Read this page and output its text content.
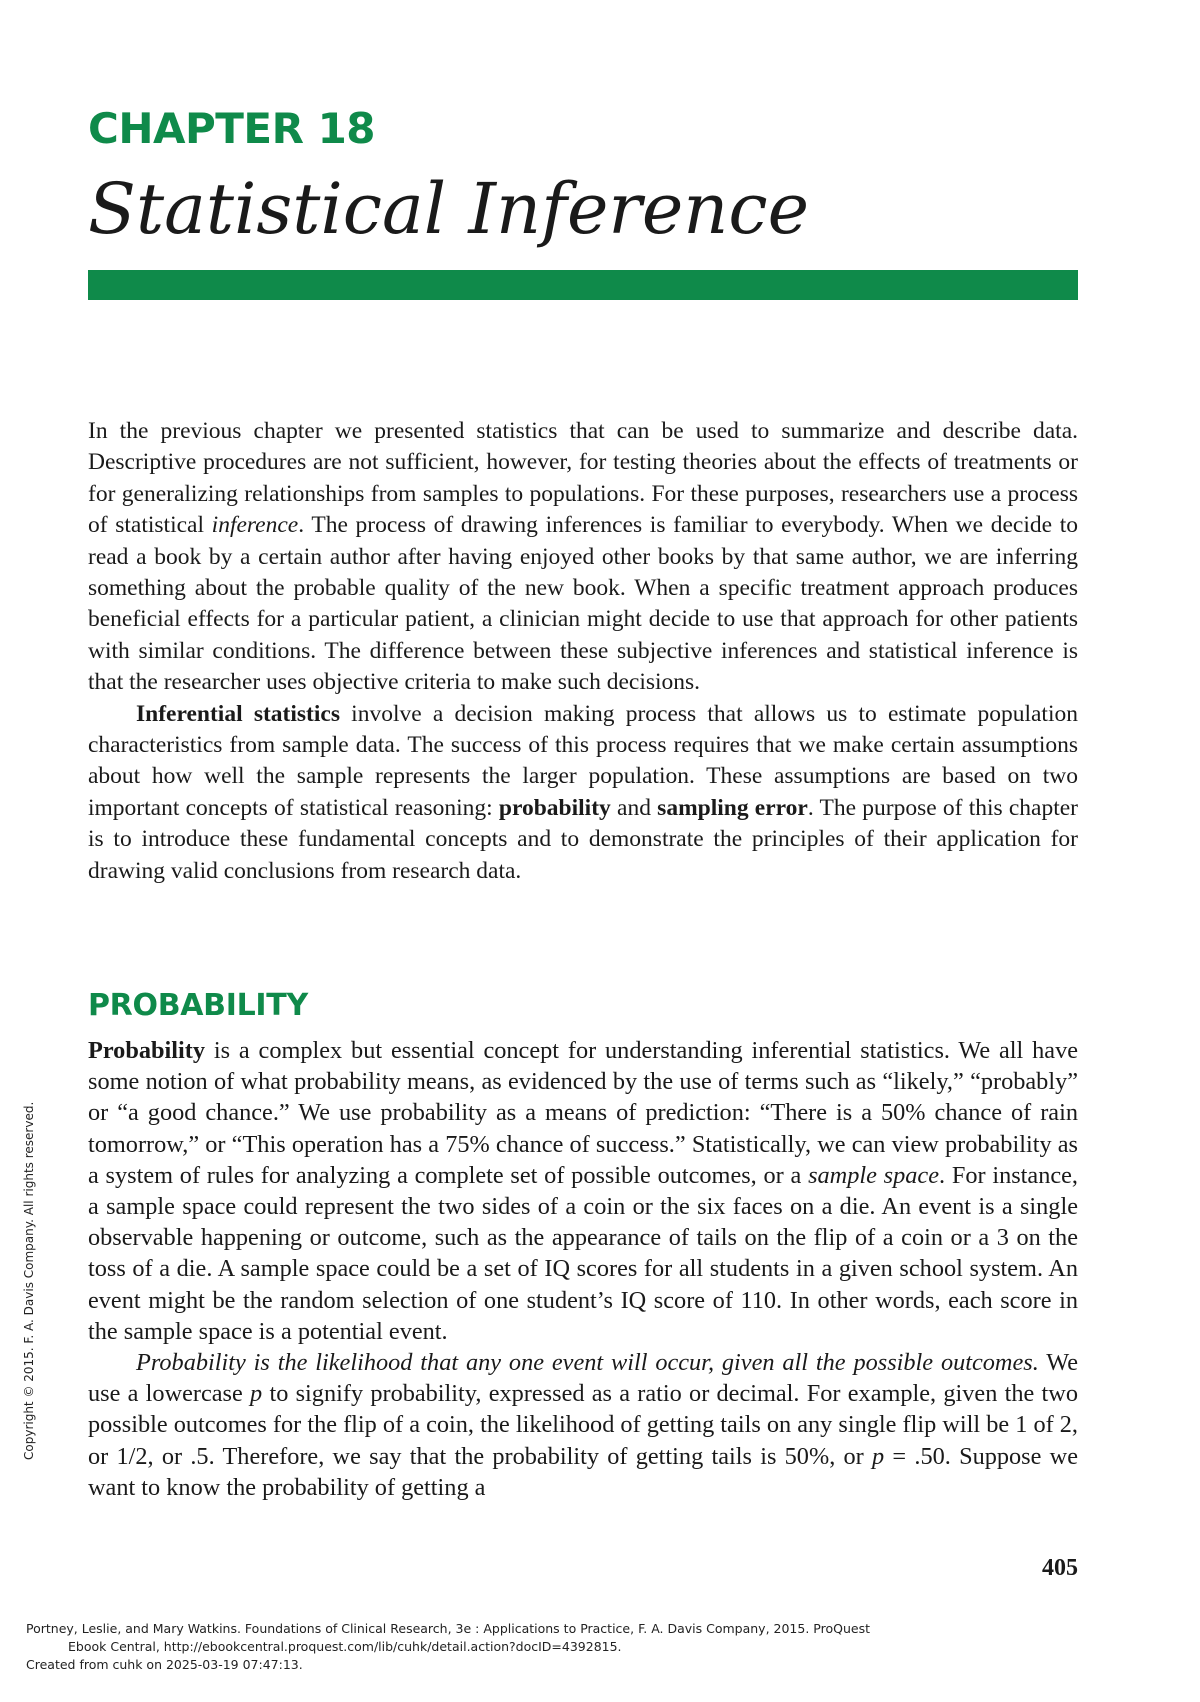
CHAPTER 18
Statistical Inference

In the previous chapter we presented statistics that can be used to summarize and describe data. Descriptive procedures are not sufficient, however, for testing theories about the effects of treatments or for generalizing relationships from samples to populations. For these purposes, researchers use a process of statistical inference. The process of drawing inferences is familiar to everybody. When we decide to read a book by a certain author after having enjoyed other books by that same author, we are inferring something about the probable quality of the new book. When a specific treatment approach produces beneficial effects for a particular patient, a clinician might decide to use that approach for other patients with similar conditions. The difference between these subjective inferences and statistical inference is that the researcher uses objective criteria to make such decisions.

Inferential statistics involve a decision making process that allows us to estimate population characteristics from sample data. The success of this process requires that we make certain assumptions about how well the sample represents the larger population. These assumptions are based on two important concepts of statistical reasoning: probability and sampling error. The purpose of this chapter is to introduce these fundamental concepts and to demonstrate the principles of their application for drawing valid conclusions from research data.

PROBABILITY

Probability is a complex but essential concept for understanding inferential statistics. We all have some notion of what probability means, as evidenced by the use of terms such as “likely,” “probably” or “a good chance.” We use probability as a means of prediction: “There is a 50% chance of rain tomorrow,” or “This operation has a 75% chance of success.” Statistically, we can view probability as a system of rules for analyzing a complete set of possible outcomes, or a sample space. For instance, a sample space could represent the two sides of a coin or the six faces on a die. An event is a single observable happening or outcome, such as the appearance of tails on the flip of a coin or a 3 on the toss of a die. A sample space could be a set of IQ scores for all students in a given school system. An event might be the random selection of one student’s IQ score of 110. In other words, each score in the sample space is a potential event.

Probability is the likelihood that any one event will occur, given all the possible outcomes. We use a lowercase p to signify probability, expressed as a ratio or decimal. For example, given the two possible outcomes for the flip of a coin, the likelihood of getting tails on any single flip will be 1 of 2, or 1/2, or .5. Therefore, we say that the probability of getting tails is 50%, or p = .50. Suppose we want to know the probability of getting a

405
Copyright © 2015. F. A. Davis Company. All rights reserved.
Portney, Leslie, and Mary Watkins. Foundations of Clinical Research, 3e : Applications to Practice, F. A. Davis Company, 2015. ProQuest
Ebook Central, http://ebookcentral.proquest.com/lib/cuhk/detail.action?docID=4392815.
Created from cuhk on 2025-03-19 07:47:13.
